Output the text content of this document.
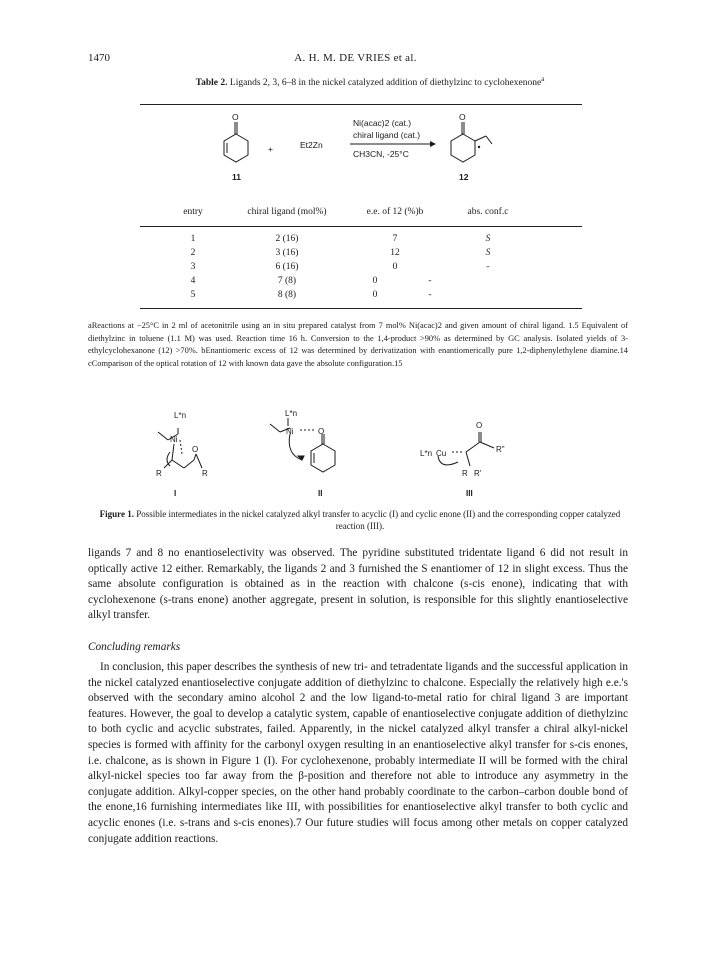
1470	A. H. M. DE VRIES et al.
Table 2. Ligands 2, 3, 6–8 in the nickel catalyzed addition of diethylzinc to cyclohexenone$^a$
O
+	Et2Zn
Ni(acac)2 (cat.)
chiral ligand (cat.)
CH3CN, -25°C
O
11	12
entry	chiral ligand (mol%)	e.e. of 12 (%)b	abs. conf.c
1	2 (16)	7	S
2	3 (16)	12	S
3	6 (16)	0	-
4	7 (8)	0	-
5	8 (8)	0	-
aReactions at −25°C in 2 ml of acetonitrile using an in situ prepared catalyst from 7 mol% Ni(acac)2 and given amount of chiral ligand. 1.5 Equivalent of diethylzinc in toluene (1.1 M) was used. Reaction time 16 h. Conversion to the 1,4-product >90% as determined by GC analysis. Isolated yields of 3-ethylcyclohexanone (12) >70%. bEnantiomeric excess of 12 was determined by derivatization with enantiomerically pure 1,2-diphenylethylene diamine.14 cComparison of the optical rotation of 12 with known data gave the absolute configuration.15
L*n
Ni
O
R	R
I
L*n
Ni	O
II
O
R"
L*n Cu
R R'
III
Figure 1. Possible intermediates in the nickel catalyzed alkyl transfer to acyclic (I) and cyclic enone (II) and the corresponding copper catalyzed reaction (III).
ligands 7 and 8 no enantioselectivity was observed. The pyridine substituted tridentate ligand 6 did not result in optically active 12 either. Remarkably, the ligands 2 and 3 furnished the S enantiomer of 12 in slight excess. Thus the same absolute configuration is obtained as in the reaction with chalcone (s-cis enone), indicating that with cyclohexenone (s-trans enone) another aggregate, present in solution, is responsible for this slightly enantioselective alkyl transfer.
Concluding remarks
In conclusion, this paper describes the synthesis of new tri- and tetradentate ligands and the successful application in the nickel catalyzed enantioselective conjugate addition of diethylzinc to chalcone. Especially the relatively high e.e.'s observed with the secondary amino alcohol 2 and the low ligand-to-metal ratio for chiral ligand 3 are important features. However, the goal to develop a catalytic system, capable of enantioselective conjugate addition of diethylzinc to both cyclic and acyclic substrates, failed. Apparently, in the nickel catalyzed alkyl transfer a chiral alkyl-nickel species is formed with affinity for the carbonyl oxygen resulting in an enantioselective alkyl transfer for s-cis enones, i.e. chalcone, as is shown in Figure 1 (I). For cyclohexenone, probably intermediate II will be formed with the chiral alkyl-nickel species too far away from the β-position and therefore not able to introduce any asymmetry in the conjugate addition. Alkyl-copper species, on the other hand probably coordinate to the carbon–carbon double bond of the enone,16 furnishing intermediates like III, with possibilities for enantioselective alkyl transfer to both cyclic and acyclic enones (i.e. s-trans and s-cis enones).7 Our future studies will focus among other metals on copper catalyzed conjugate addition reactions.
